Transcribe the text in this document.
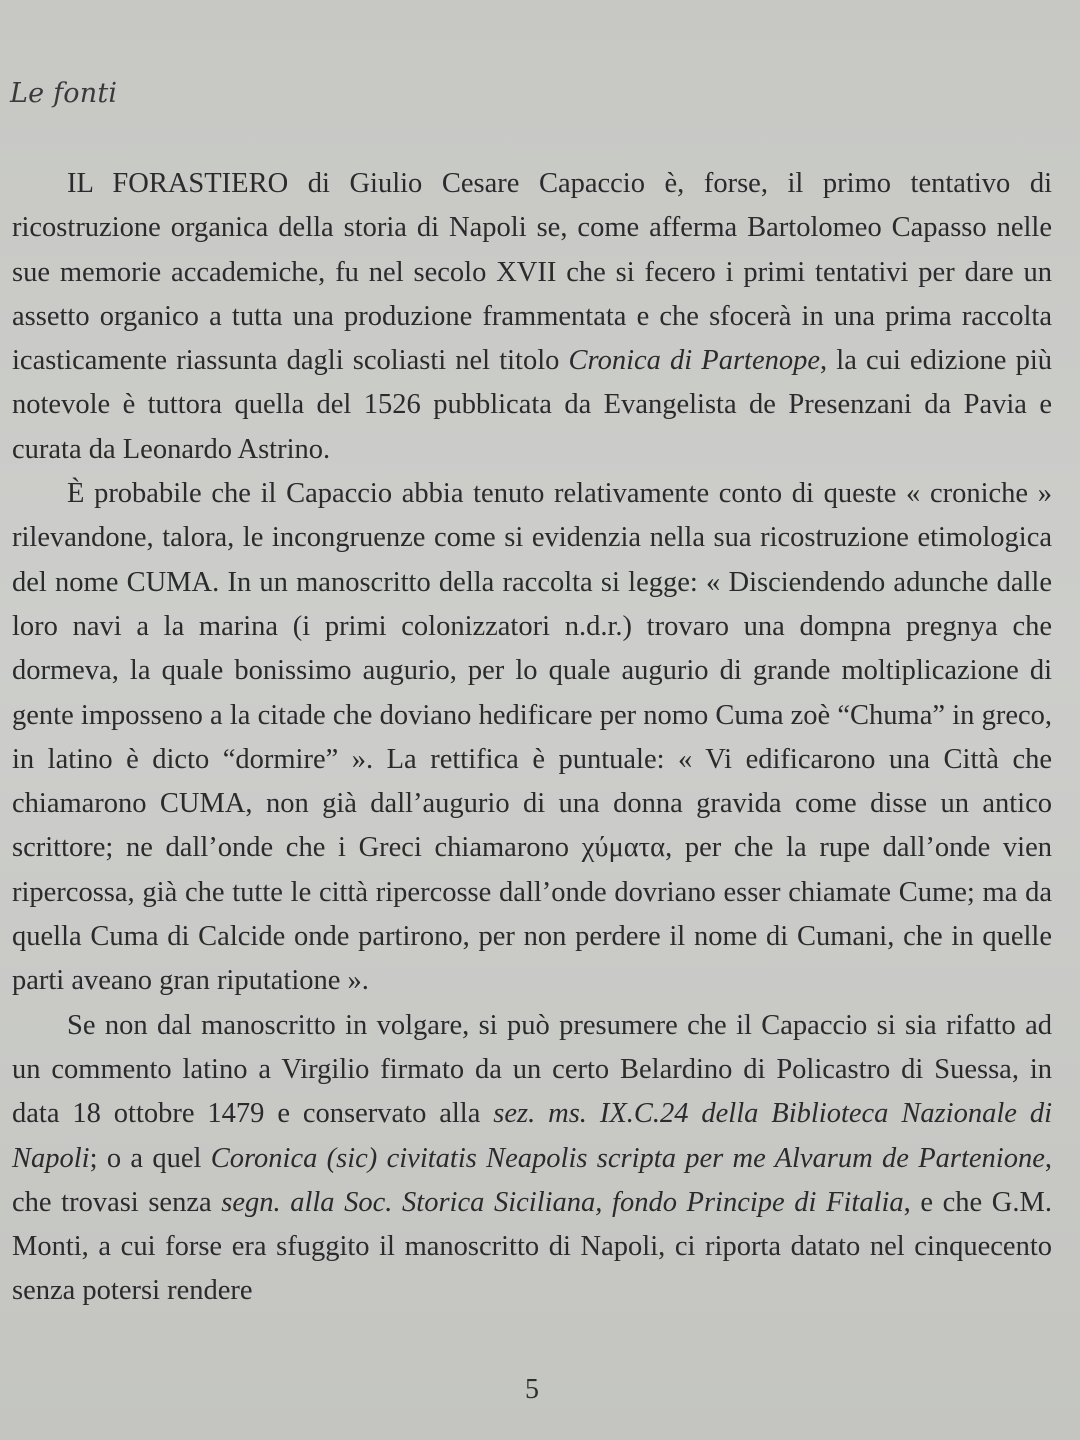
Le fonti

IL FORASTIERO di Giulio Cesare Capaccio è, forse, il primo tentativo di ricostruzione organica della storia di Napoli se, come afferma Bartolomeo Capasso nelle sue memorie accademiche, fu nel secolo XVII che si fecero i primi tentativi per dare un assetto organico a tutta una produzione frammentata e che sfocerà in una prima raccolta icasticamente riassunta dagli scoliasti nel titolo Cronica di Partenope, la cui edizione più notevole è tuttora quella del 1526 pubblicata da Evangelista de Presenzani da Pavia e curata da Leonardo Astrino.

È probabile che il Capaccio abbia tenuto relativamente conto di queste « croniche » rilevandone, talora, le incongruenze come si evidenzia nella sua ricostruzione etimologica del nome CUMA. In un manoscritto della raccolta si legge: « Disciendendo adunche dalle loro navi a la marina (i primi colonizzatori n.d.r.) trovaro una dompna pregnya che dormeva, la quale bonissimo augurio, per lo quale augurio di grande moltiplicazione di gente imposseno a la citade che doviano hedificare per nomo Cuma zoè “Chuma” in greco, in latino è dicto “dormire” ». La rettifica è puntuale: « Vi edificarono una Città che chiamarono CUMA, non già dall’augurio di una donna gravida come disse un antico scrittore; ne dall’onde che i Greci chiamarono χύματα, per che la rupe dall’onde vien ripercossa, già che tutte le città ripercosse dall’onde dovriano esser chiamate Cume; ma da quella Cuma di Calcide onde partirono, per non perdere il nome di Cumani, che in quelle parti aveano gran riputatione ».

Se non dal manoscritto in volgare, si può presumere che il Capaccio si sia rifatto ad un commento latino a Virgilio firmato da un certo Belardino di Policastro di Suessa, in data 18 ottobre 1479 e conservato alla sez. ms. IX.C.24 della Biblioteca Nazionale di Napoli; o a quel Coronica (sic) civitatis Neapolis scripta per me Alvarum de Partenione, che trovasi senza segn. alla Soc. Storica Siciliana, fondo Principe di Fitalia, e che G.M. Monti, a cui forse era sfuggito il manoscritto di Napoli, ci riporta datato nel cinquecento senza potersi rendere

5
